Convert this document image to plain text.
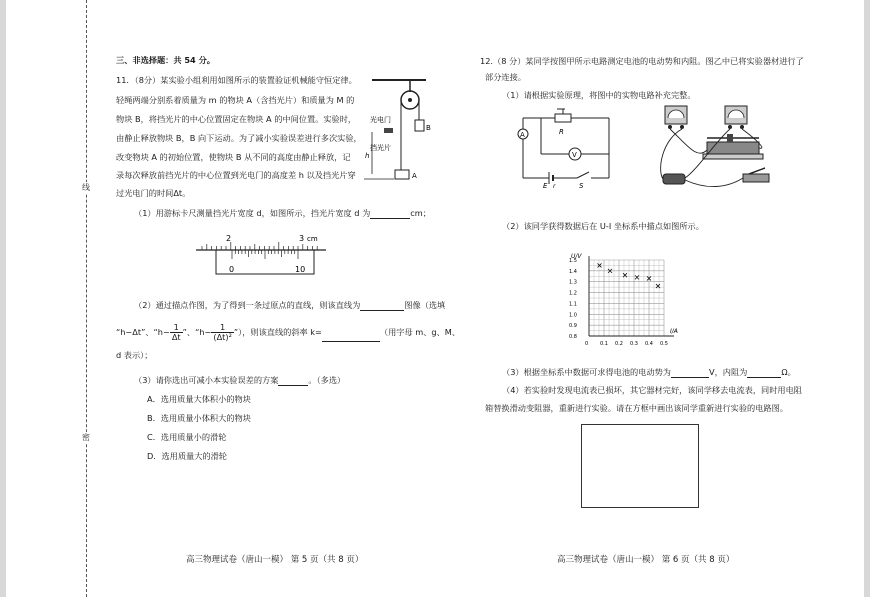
线
密
三、非选择题：共 54 分。
11．（8分）某实验小组利用如图所示的装置验证机械能守恒定律。
轻绳两端分别系着质量为 m 的物块 A（含挡光片）和质量为 M 的
物块 B，将挡光片的中心位置固定在物块 A 的中间位置。实验时，
由静止释放物块 B，B 向下运动。为了减小实验误差进行多次实验，
改变物块 A 的初始位置，使物块 B 从不同的高度由静止释放，记
录每次释放前挡光片的中心位置到光电门的高度差 h 以及挡光片穿
过光电门的时间Δt。
B
光电门
挡光片
h
A
（1）用游标卡尺测量挡光片宽度 d，如图所示，挡光片宽度 d 为	cm；
2	3 cm
0	10
（2）通过描点作图，为了得到一条过原点的直线，则该直线为	图像（选填
“h−Δt”、“$h- \frac{1}{\Delta t}$ ”、“$h- \frac{1}{\text{(Δt)²}}$ ”），则该直线的斜率 k=	（用字母 m、g、M、
d 表示）；
（3）请你选出可减小本实验误差的方案	。（多选）
A．选用质量大体积小的物块
B．选用质量小体积大的物块
C．选用质量小的滑轮
D．选用质量大的滑轮
高三物理试卷（唐山一模） 第 5 页（共 8 页）
12.（8 分）某同学按图甲所示电路测定电池的电动势和内阻。图乙中已将实验器材进行了
部分连接。
（1）请根据实验原理，将图中的实物电路补充完整。
A
V
R
E r	S
（2）该同学获得数据后在 U-I 坐标系中描点如图所示。
0 0.1 0.2 0.3 0.4 0.5
0.8
0.9
1.0
1.1
1.2
1.3
1.4
1.5
I/A
U/V
（3）根据坐标系中数据可求得电池的电动势为	V，内阻为	Ω。
（4）若实验时发现电流表已损坏，其它器材完好，该同学移去电流表，同时用电阻
箱替换滑动变阻器，重新进行实验。请在方框中画出该同学重新进行实验的电路图。
高三物理试卷（唐山一模） 第 6 页（共 8 页）
